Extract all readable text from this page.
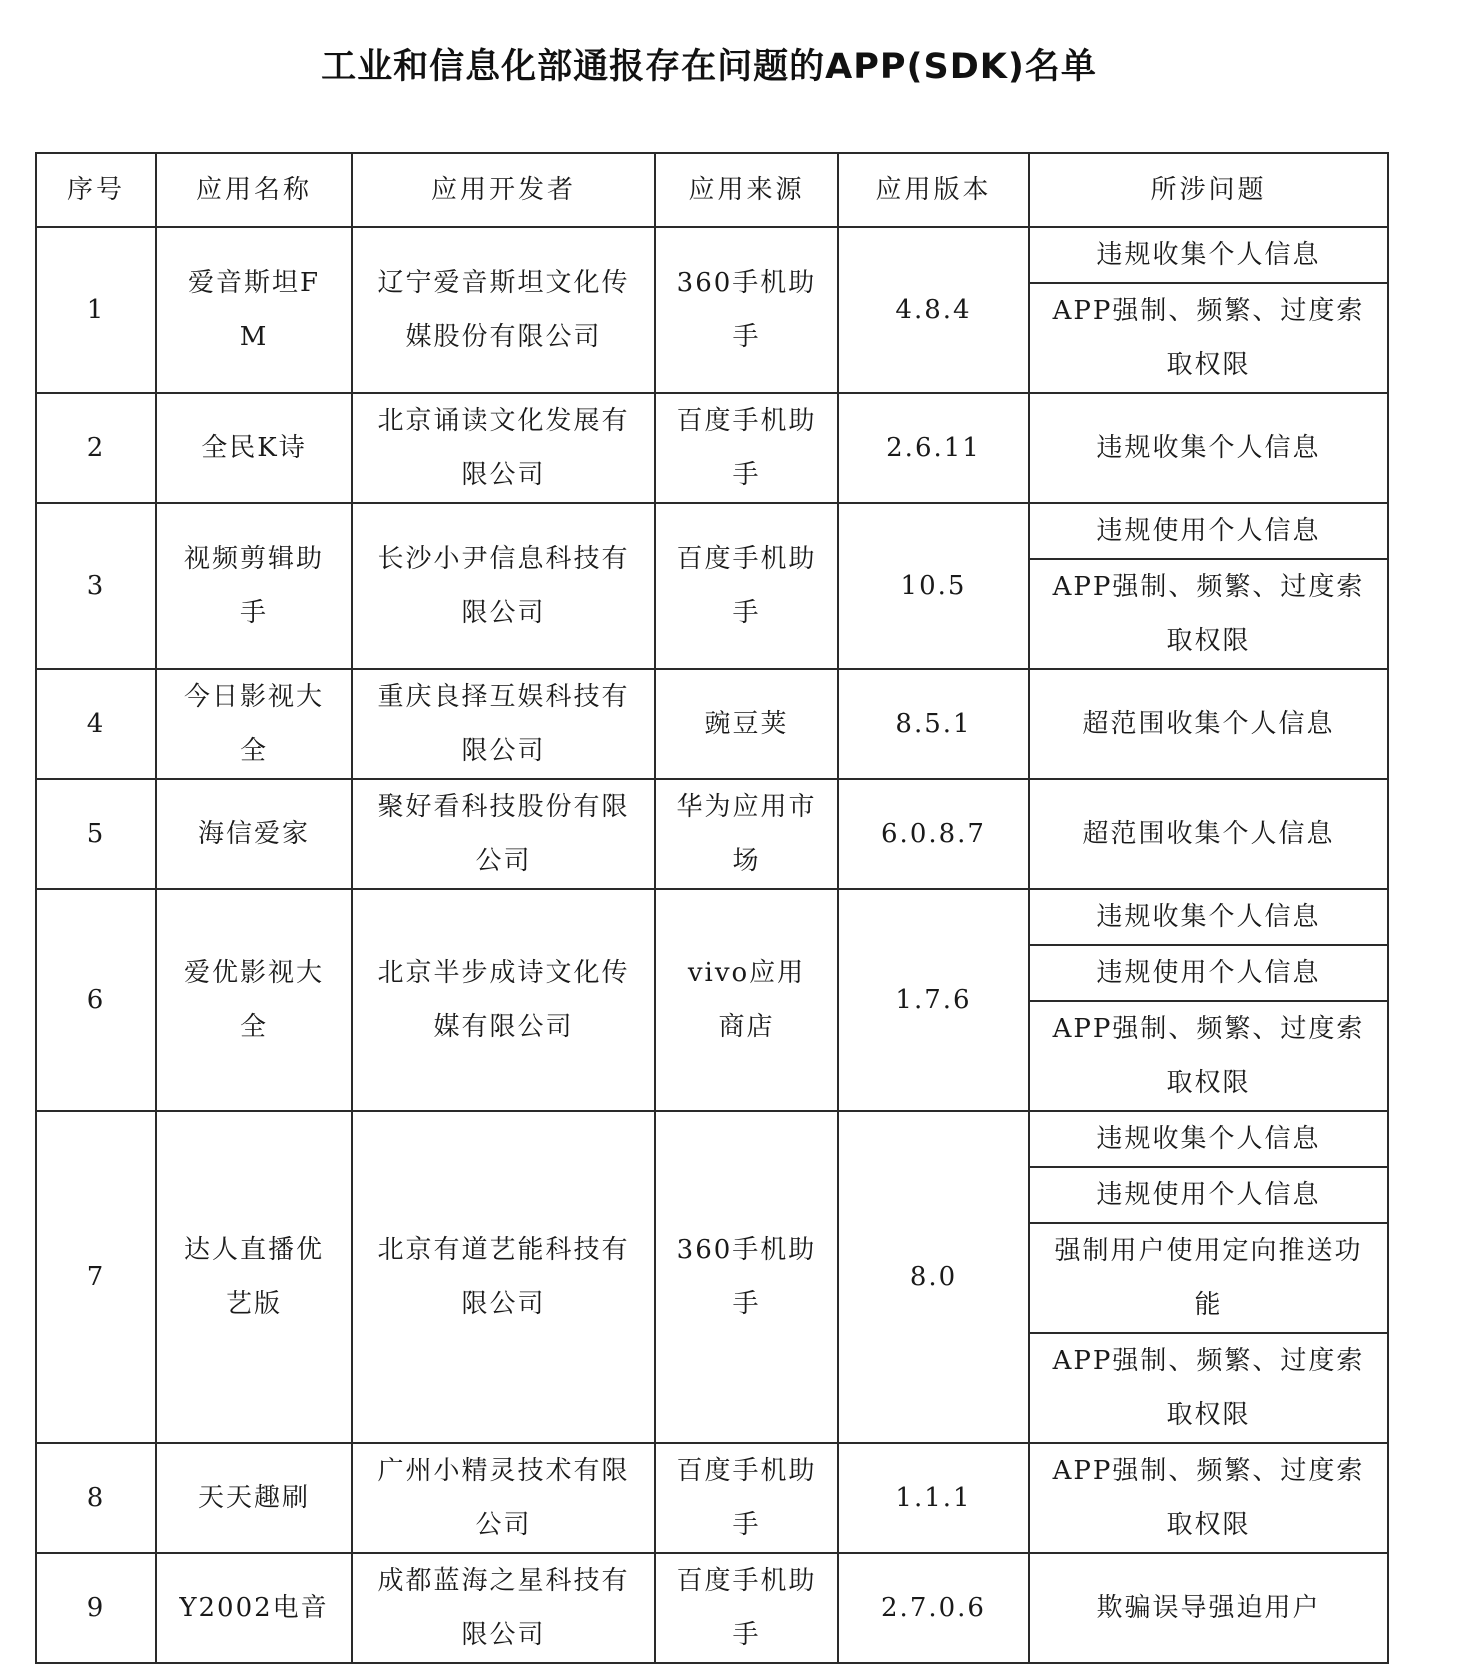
工业和信息化部通报存在问题的APP(SDK)名单
序号	应用名称	应用开发者	应用来源	应用版本	所涉问题
1	爱音斯坦FM	辽宁爱音斯坦文化传媒股份有限公司	360手机助手	4.8.4	违规收集个人信息
					APP强制、频繁、过度索取权限
2	全民K诗	北京诵读文化发展有限公司	百度手机助手	2.6.11	违规收集个人信息
3	视频剪辑助手	长沙小尹信息科技有限公司	百度手机助手	10.5	违规使用个人信息
					APP强制、频繁、过度索取权限
4	今日影视大全	重庆良择互娱科技有限公司	豌豆荚	8.5.1	超范围收集个人信息
5	海信爱家	聚好看科技股份有限公司	华为应用市场	6.0.8.7	超范围收集个人信息
6	爱优影视大全	北京半步成诗文化传媒有限公司	vivo应用商店	1.7.6	违规收集个人信息
					违规使用个人信息
					APP强制、频繁、过度索取权限
7	达人直播优艺版	北京有道艺能科技有限公司	360手机助手	8.0	违规收集个人信息
					违规使用个人信息
					强制用户使用定向推送功能
					APP强制、频繁、过度索取权限
8	天天趣刷	广州小精灵技术有限公司	百度手机助手	1.1.1	APP强制、频繁、过度索取权限
9	Y2002电音	成都蓝海之星科技有限公司	百度手机助手	2.7.0.6	欺骗误导强迫用户
